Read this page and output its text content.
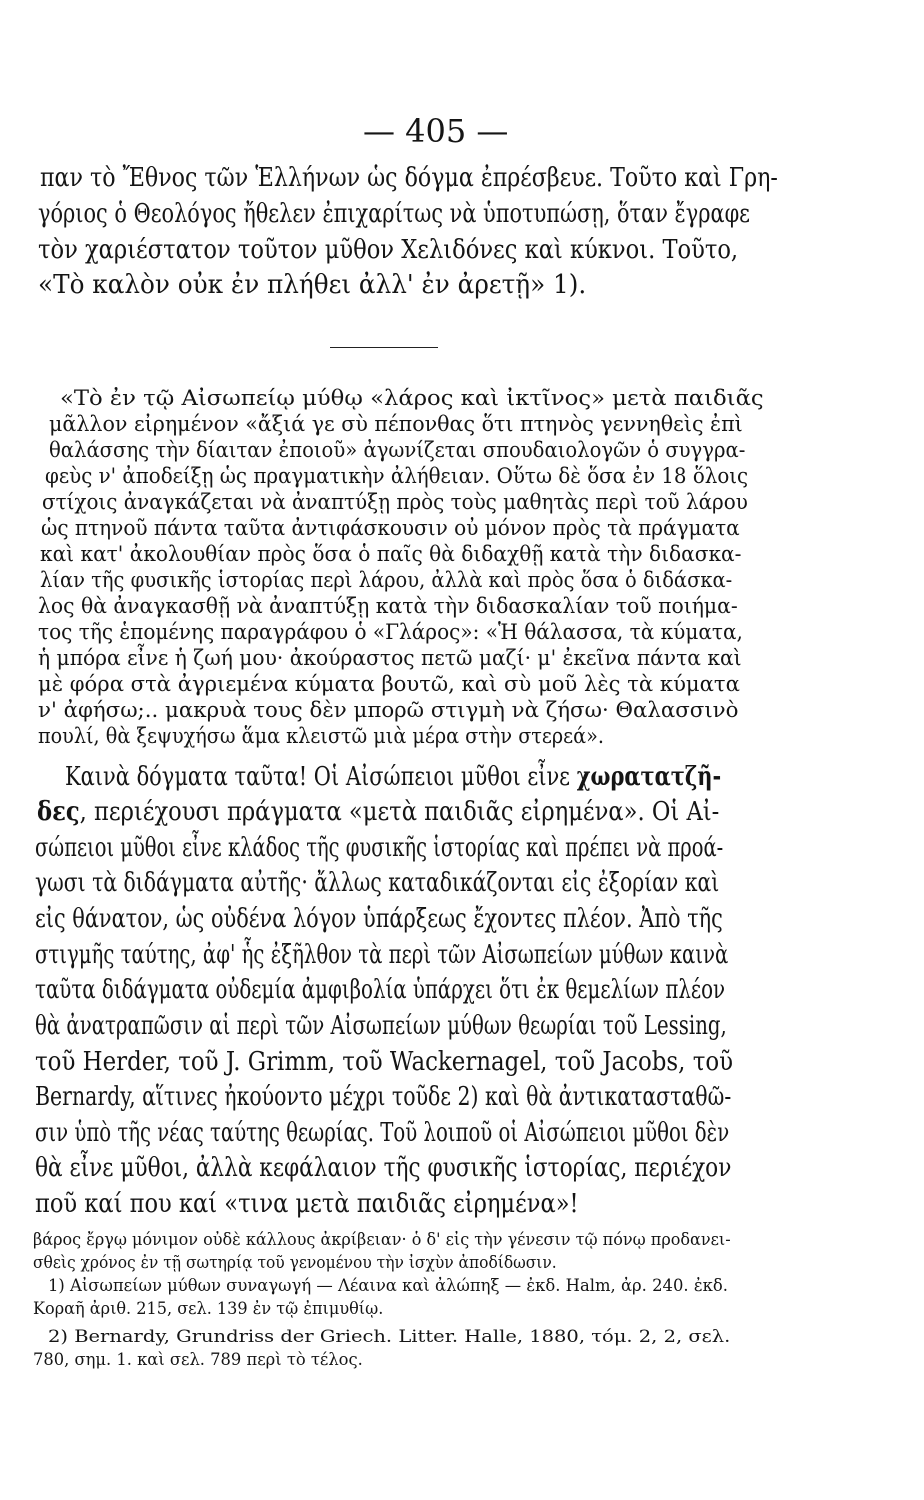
— 405 —
παν τὸ Ἔθνος τῶν Ἑλλήνων ὡς δόγμα ἐπρέσβευε. Τοῦτο καὶ Γρη-
γόριος ὁ Θεολόγος ἤθελεν ἐπιχαρίτως νὰ ὑποτυπώσῃ, ὅταν ἔγραφε
τὸν χαριέστατον τοῦτον μῦθον Χελιδόνες καὶ κύκνοι. Τοῦτο,
«Τὸ καλὸν οὐκ ἐν πλήθει ἀλλ' ἐν ἀρετῇ» 1).
«Τὸ ἐν τῷ Αἰσωπείῳ μύθῳ «λάρος καὶ ἰκτῖνος» μετὰ παιδιᾶς
μᾶλλον εἰρημένον «ἄξιά γε σὺ πέπονθας ὅτι πτηνὸς γεννηθεὶς ἐπὶ
θαλάσσης τὴν δίαιταν ἐποιοῦ» ἀγωνίζεται σπουδαιολογῶν ὁ συγγρα-
φεὺς ν' ἀποδείξῃ ὡς πραγματικὴν ἀλήθειαν. Οὕτω δὲ ὅσα ἐν 18 ὅλοις
στίχοις ἀναγκάζεται νὰ ἀναπτύξῃ πρὸς τοὺς μαθητὰς περὶ τοῦ λάρου
ὡς πτηνοῦ πάντα ταῦτα ἀντιφάσκουσιν οὐ μόνον πρὸς τὰ πράγματα
καὶ κατ' ἀκολουθίαν πρὸς ὅσα ὁ παῖς θὰ διδαχθῇ κατὰ τὴν διδασκα-
λίαν τῆς φυσικῆς ἱστορίας περὶ λάρου, ἀλλὰ καὶ πρὸς ὅσα ὁ διδάσκα-
λος θὰ ἀναγκασθῇ νὰ ἀναπτύξῃ κατὰ τὴν διδασκαλίαν τοῦ ποιήμα-
τος τῆς ἑπομένης παραγράφου ὁ «Γλάρος»: «Ἡ θάλασσα, τὰ κύματα,
ἡ μπόρα εἶνε ἡ ζωή μου· ἀκούραστος πετῶ μαζί· μ' ἐκεῖνα πάντα καὶ
μὲ φόρα στὰ ἀγριεμένα κύματα βουτῶ, καὶ σὺ μοῦ λὲς τὰ κύματα
ν' ἀφήσω;.. μακρυὰ τους δὲν μπορῶ στιγμὴ νὰ ζήσω· Θαλασσινὸ
πουλί, θὰ ξεψυχήσω ἅμα κλειστῶ μιὰ μέρα στὴν στερεά».
Καινὰ δόγματα ταῦτα! Οἱ Αἰσώπειοι μῦθοι εἶνε χωρατατζῆ-
δες, περιέχουσι πράγματα «μετὰ παιδιᾶς εἰρημένα». Οἱ Αἰ-
σώπειοι μῦθοι εἶνε κλάδος τῆς φυσικῆς ἱστορίας καὶ πρέπει νὰ προά-
γωσι τὰ διδάγματα αὐτῆς· ἄλλως καταδικάζονται εἰς ἐξορίαν καὶ
εἰς θάνατον, ὡς οὐδένα λόγον ὑπάρξεως ἔχοντες πλέον. Ἀπὸ τῆς
στιγμῆς ταύτης, ἀφ' ἧς ἐξῆλθον τὰ περὶ τῶν Αἰσωπείων μύθων καινὰ
ταῦτα διδάγματα οὐδεμία ἀμφιβολία ὑπάρχει ὅτι ἐκ θεμελίων πλέον
θὰ ἀνατραπῶσιν αἱ περὶ τῶν Αἰσωπείων μύθων θεωρίαι τοῦ Lessing,
τοῦ Herder, τοῦ J. Grimm, τοῦ Wackernagel, τοῦ Jacobs, τοῦ
Bernardy, αἵτινες ἠκούοντο μέχρι τοῦδε 2) καὶ θὰ ἀντικατασταθῶ-
σιν ὑπὸ τῆς νέας ταύτης θεωρίας. Τοῦ λοιποῦ οἱ Αἰσώπειοι μῦθοι δὲν
θὰ εἶνε μῦθοι, ἀλλὰ κεφάλαιον τῆς φυσικῆς ἱστορίας, περιέχον
ποῦ καί που καί «τινα μετὰ παιδιᾶς εἰρημένα»!
βάρος ἔργῳ μόνιμον οὐδὲ κάλλους ἀκρίβειαν· ὁ δ' εἰς τὴν γένεσιν τῷ πόνῳ προδανει-
σθεὶς χρόνος ἐν τῇ σωτηρίᾳ τοῦ γενομένου τὴν ἰσχὺν ἀποδίδωσιν.
1) Αἰσωπείων μύθων συναγωγή — Λέαινα καὶ ἀλώπηξ — ἐκδ. Halm, ἀρ. 240. ἐκδ.
Κοραῆ ἀριθ. 215, σελ. 139 ἐν τῷ ἐπιμυθίῳ.
2) Bernardy, Grundriss der Griech. Litter. Halle, 1880, τόμ. 2, 2, σελ.
780, σημ. 1. καὶ σελ. 789 περὶ τὸ τέλος.
